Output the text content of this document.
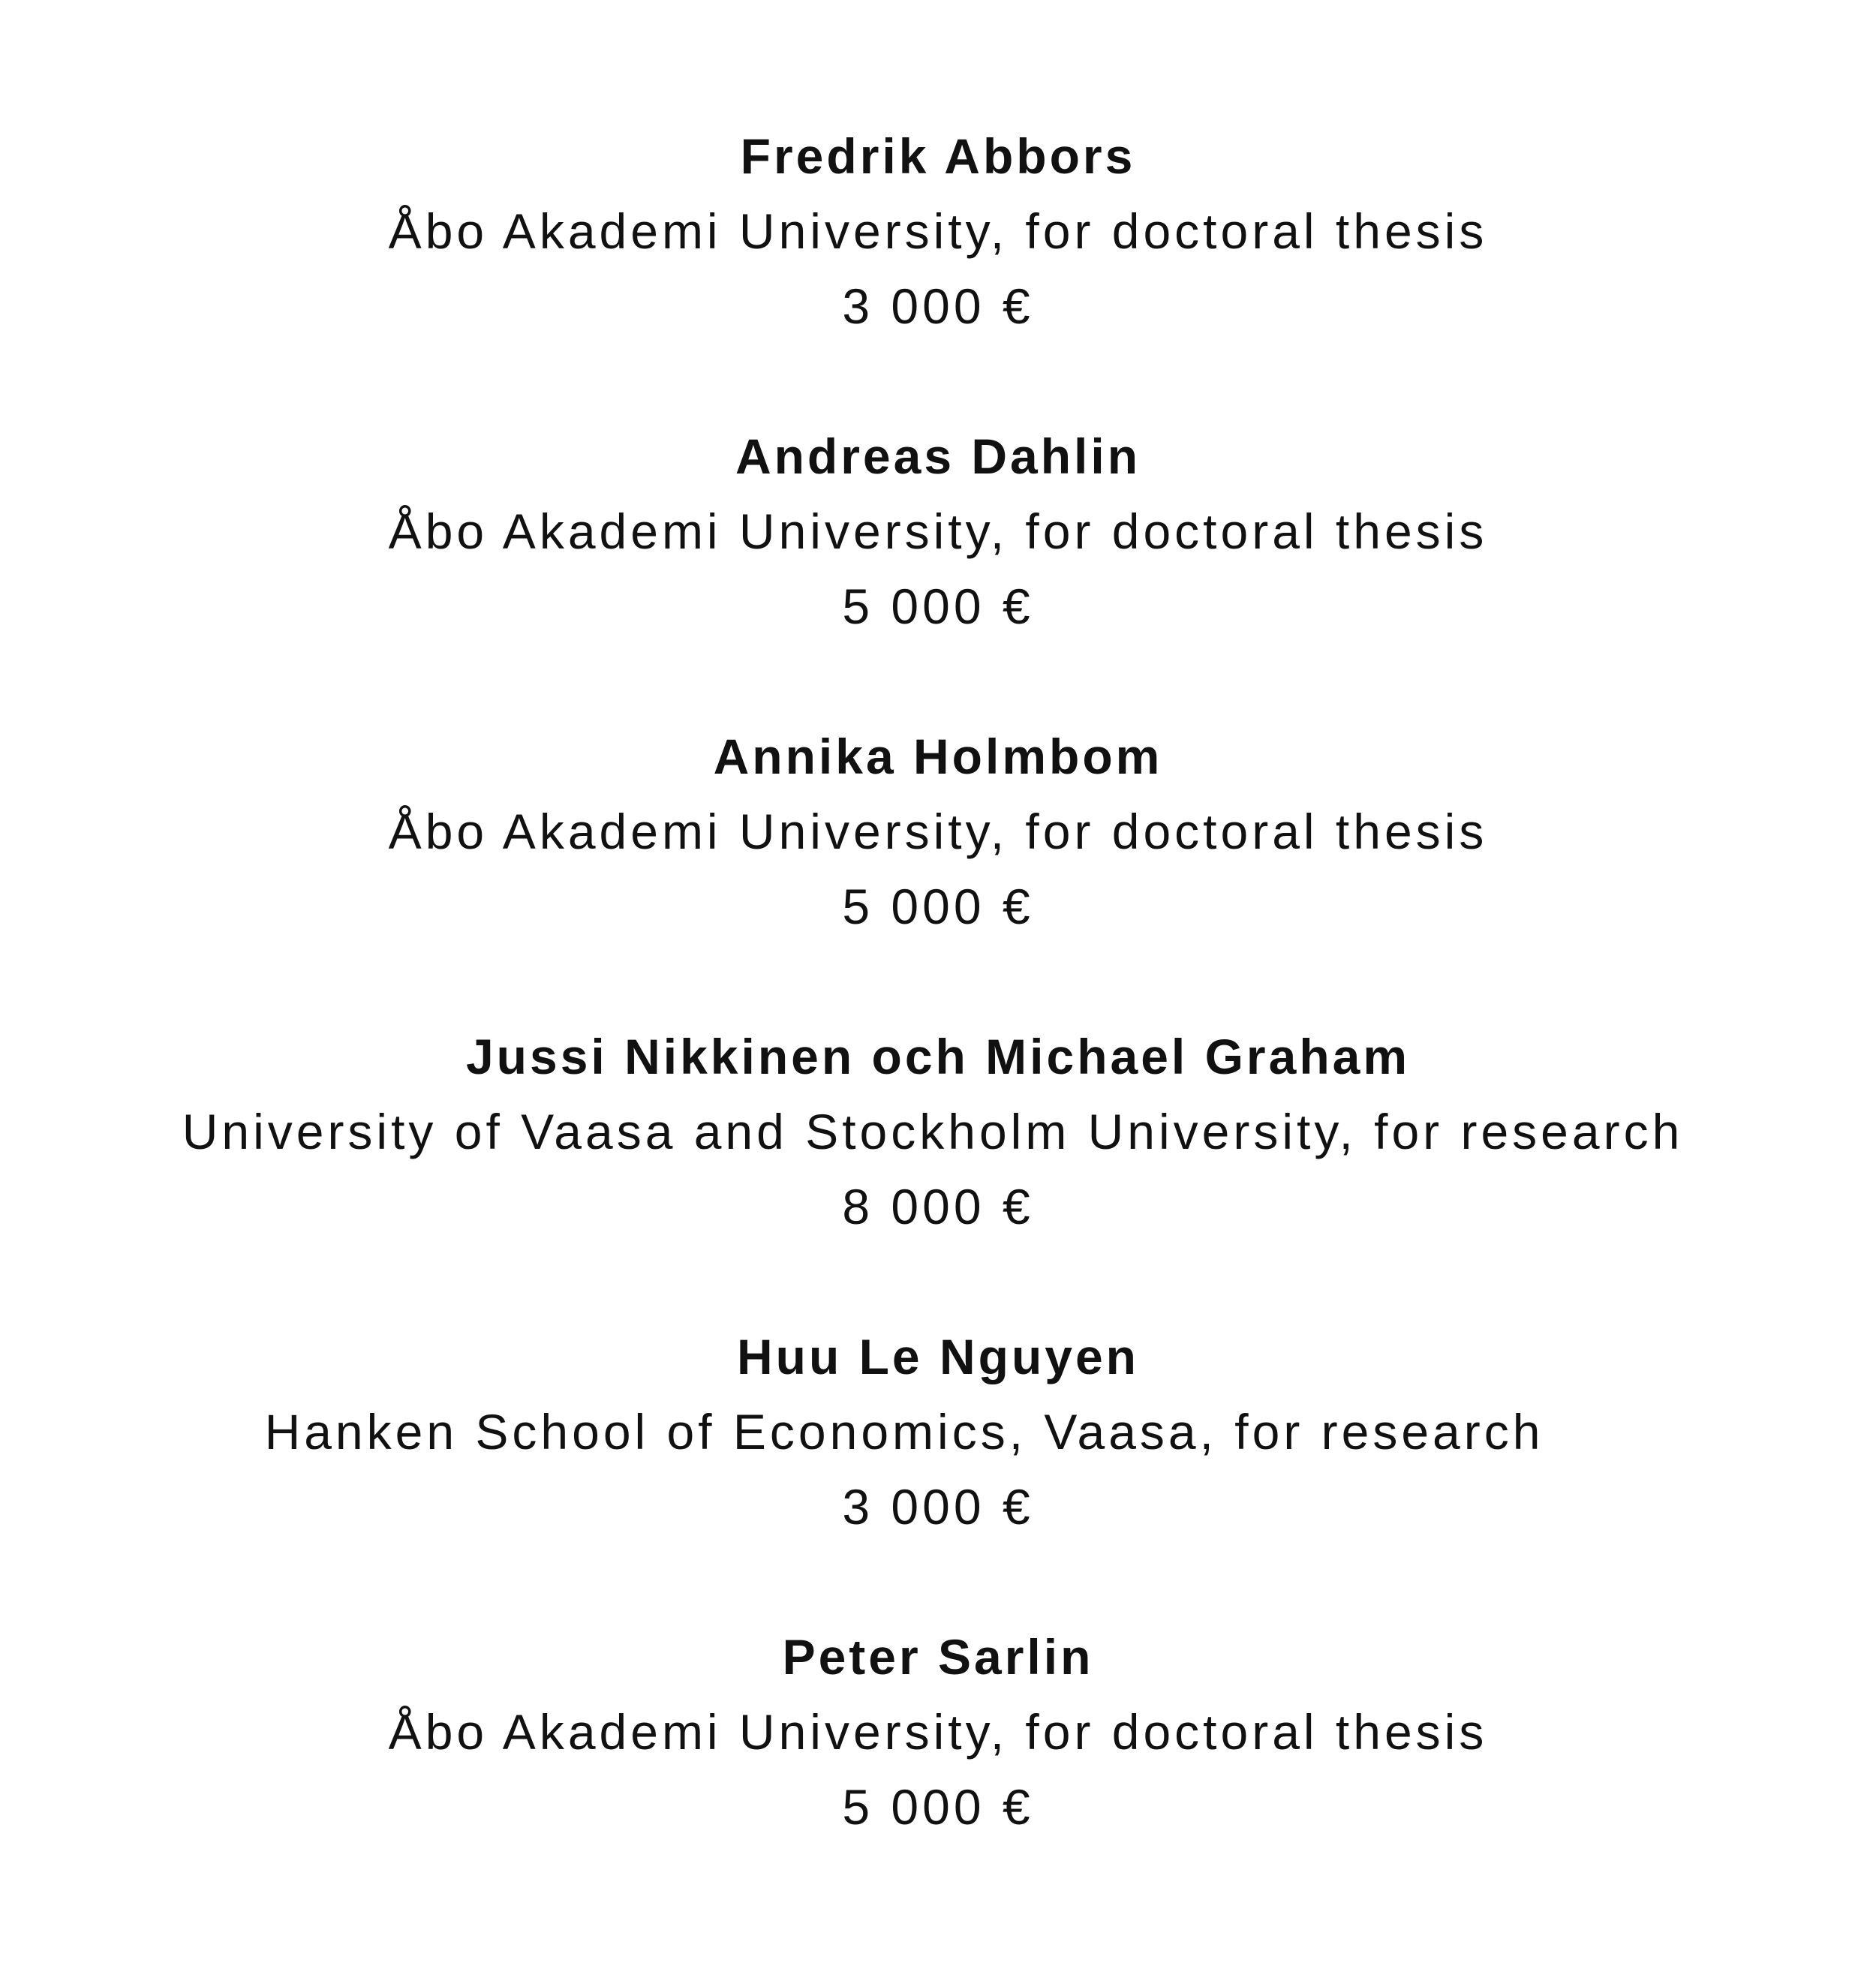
Fredrik Abbors
Åbo Akademi University, for doctoral thesis
3 000 €
Andreas Dahlin
Åbo Akademi University, for doctoral thesis
5 000 €
Annika Holmbom
Åbo Akademi University, for doctoral thesis
5 000 €
Jussi Nikkinen och Michael Graham
University of Vaasa and Stockholm University, for research
8 000 €
Huu Le Nguyen
Hanken School of Economics, Vaasa, for research
3 000 €
Peter Sarlin
Åbo Akademi University, for doctoral thesis
5 000 €
